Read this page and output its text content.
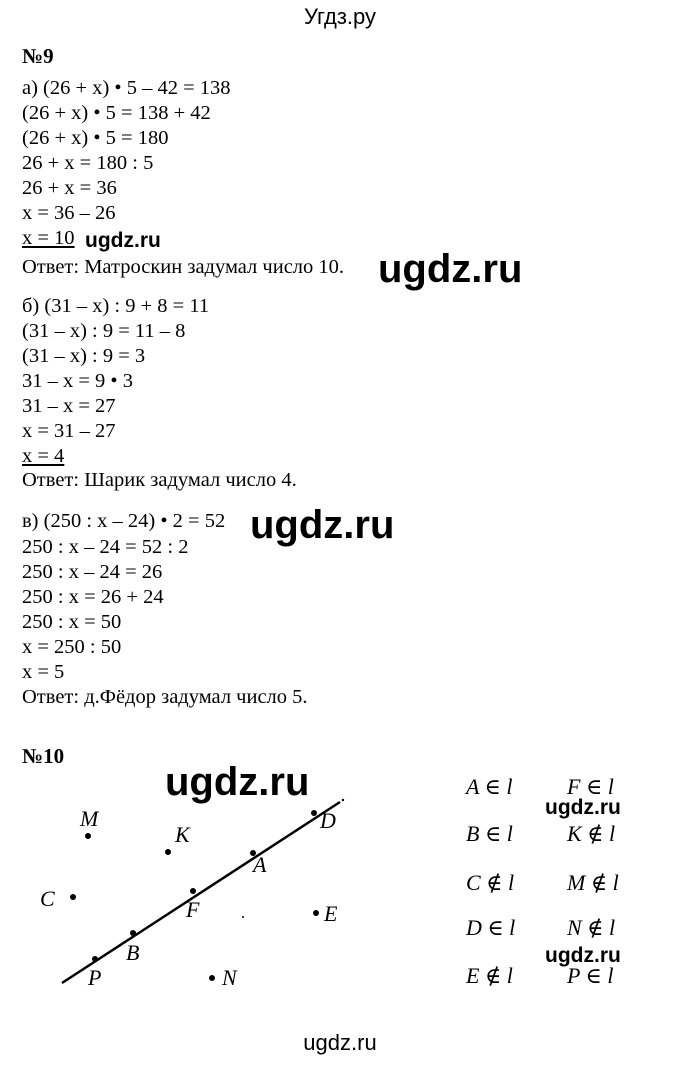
Угдз.ру
№9
а) (26 + x) • 5 – 42 = 138
(26 + x) • 5 = 138 + 42
(26 + x) • 5 = 180
26 + x = 180 : 5
26 + x = 36
x = 36 – 26
x = 10
Ответ: Матроскин задумал число 10.
б) (31 – x) : 9 + 8 = 11
(31 – x) : 9 = 11 – 8
(31 – x) : 9 = 3
31 – x = 9 • 3
31 – x = 27
x = 31 – 27
x = 4
Ответ: Шарик задумал число 4.
в) (250 : x – 24) • 2 = 52
250 : x – 24 = 52 : 2
250 : x – 24 = 26
250 : x = 26 + 24
250 : x = 50
x = 250 : 50
x = 5
Ответ: д.Фёдор задумал число 5.
ugdz.ru
ugdz.ru
ugdz.ru
ugdz.ru
ugdz.ru
ugdz.ru
№10
M
K
D
A
C	F	E
B
P	N
A ∈ l F ∈ l
B ∈ l K ∉ l
C ∉ l M ∉ l
D ∈ l N ∉ l
E ∉ l P ∈ l
ugdz.ru
